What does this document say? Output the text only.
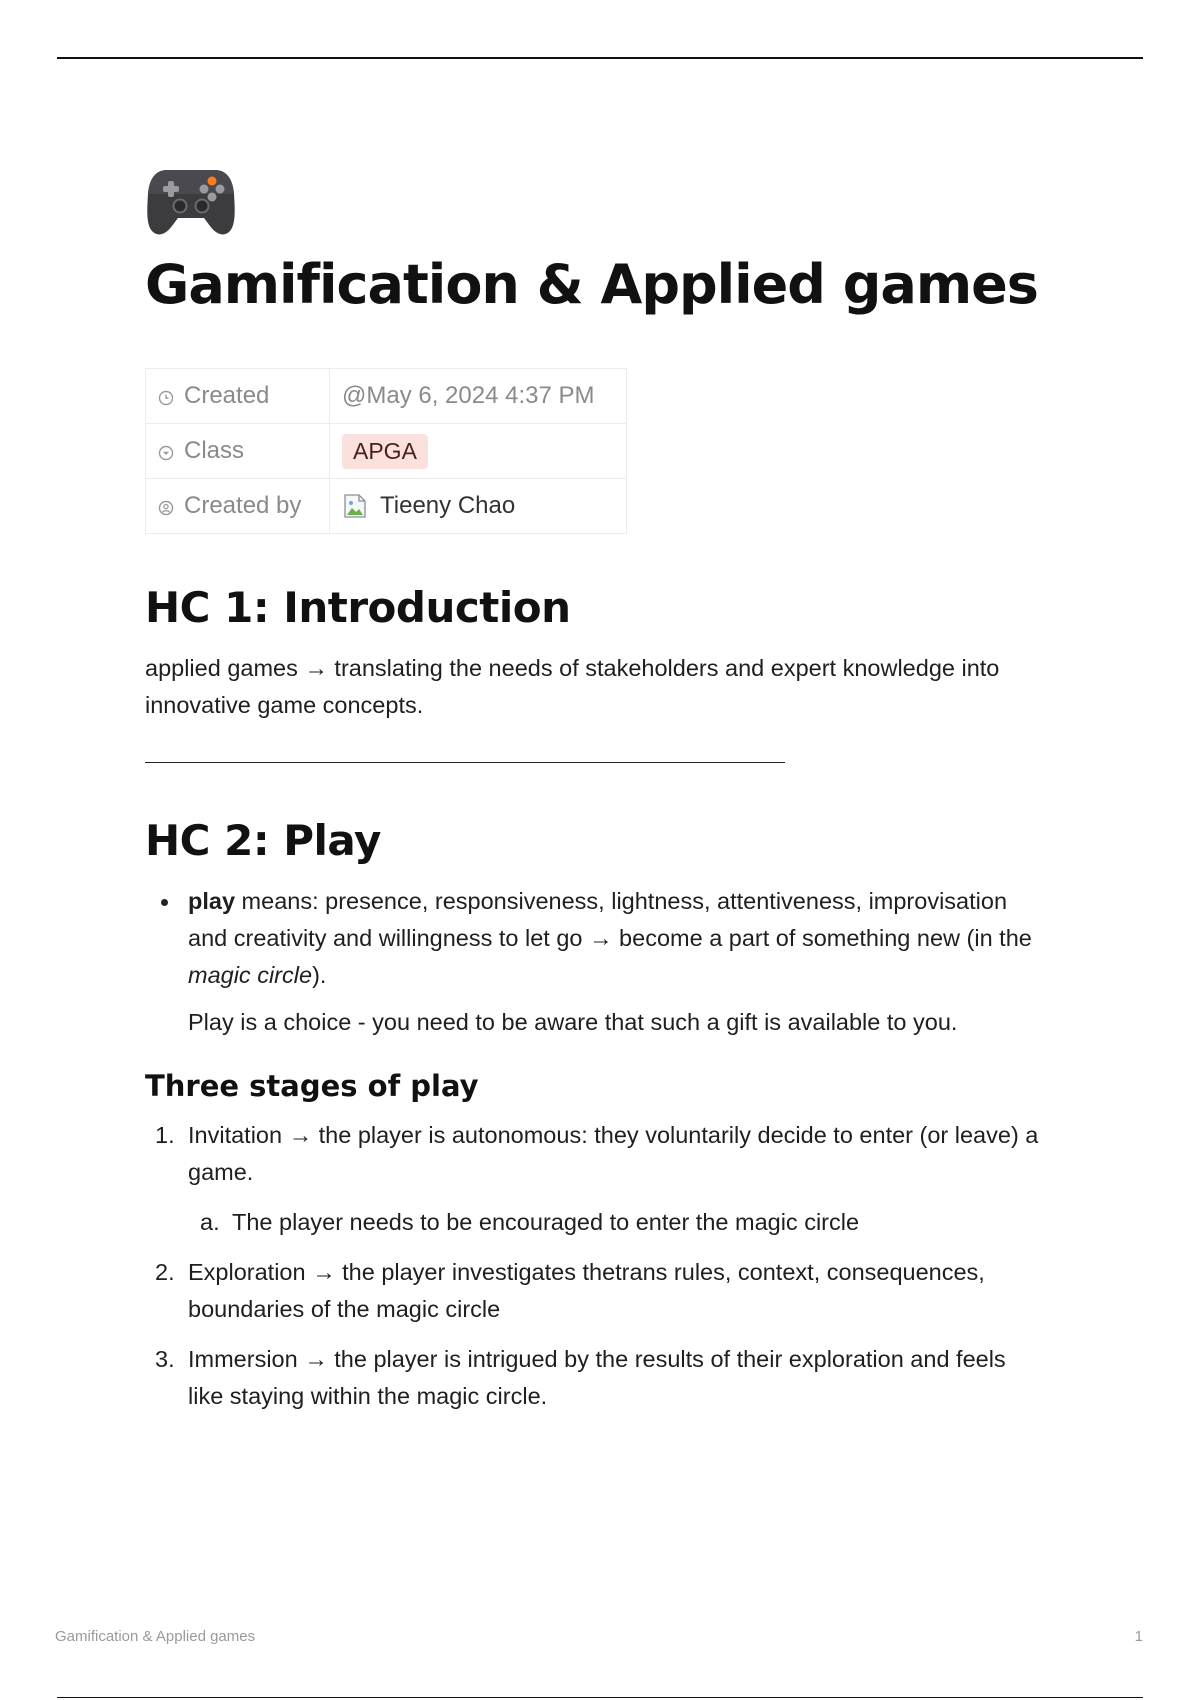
Gamification & Applied games
Created	@May 6, 2024 4:37 PM
Class	APGA
Created by	Tieeny Chao
HC 1: Introduction

applied games → translating the needs of stakeholders and expert knowledge into innovative game concepts.

HC 2: Play
play means: presence, responsiveness, lightness, attentiveness, improvisation and creativity and willingness to let go → become a part of something new (in the magic circle).

Play is a choice - you need to be aware that such a gift is available to you.

Three stages of play
1. Invitation → the player is autonomous: they voluntarily decide to enter (or leave) a game.
a. The player needs to be encouraged to enter the magic circle
2. Exploration → the player investigates thetrans rules, context, consequences, boundaries of the magic circle
3. Immersion → the player is intrigued by the results of their exploration and feels like staying within the magic circle.
Gamification & Applied games	1
